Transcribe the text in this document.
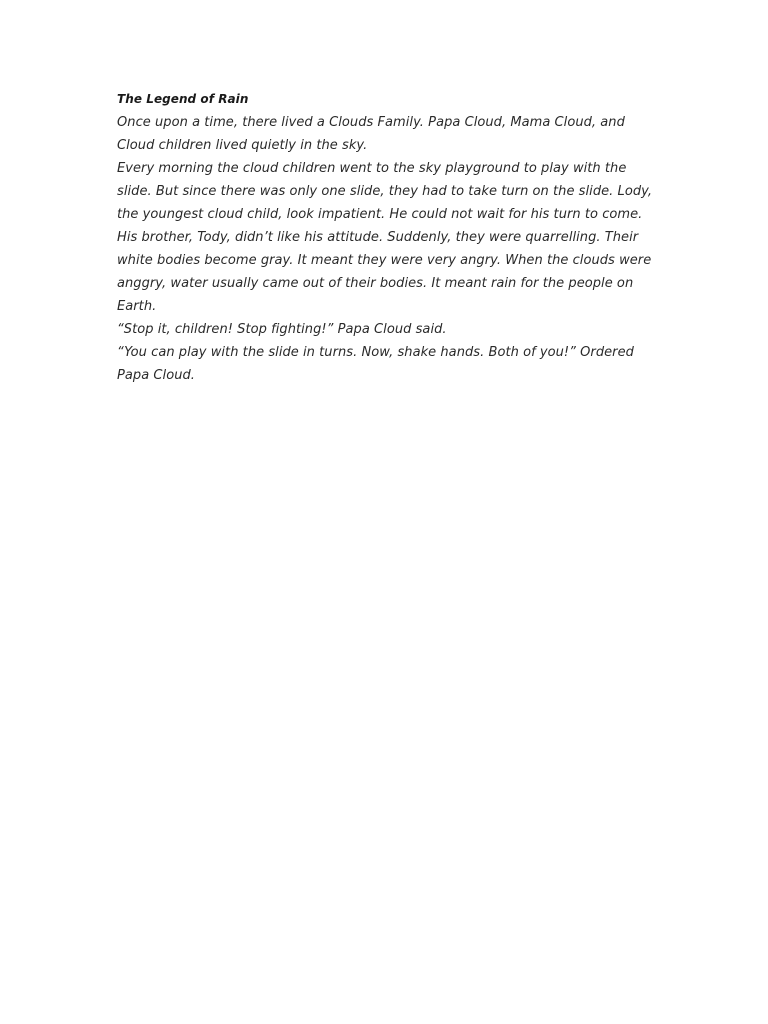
The Legend of Rain

Once upon a time, there lived a Clouds Family. Papa Cloud, Mama Cloud, and Cloud children lived quietly in the sky.

Every morning the cloud children went to the sky playground to play with the slide. But since there was only one slide, they had to take turn on the slide. Lody, the youngest cloud child, look impatient. He could not wait for his turn to come. His brother, Tody, didn’t like his attitude. Suddenly, they were quarrelling. Their white bodies become gray. It meant they were very angry. When the clouds were anggry, water usually came out of their bodies. It meant rain for the people on Earth.

“Stop it, children! Stop fighting!” Papa Cloud said.

“You can play with the slide in turns. Now, shake hands. Both of you!” Ordered Papa Cloud.
